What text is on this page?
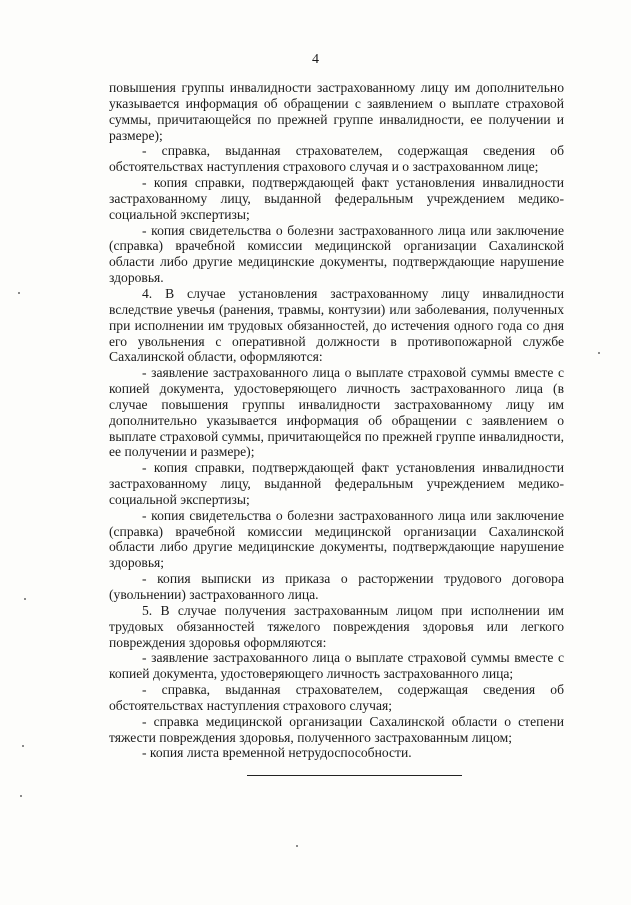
4

повышения группы инвалидности застрахованному лицу им дополнительно указывается информация об обращении с заявлением о выплате страховой суммы, причитающейся по прежней группе инвалидности, ее получении и размере);

- справка, выданная страхователем, содержащая сведения об обстоятельствах наступления страхового случая и о застрахованном лице;

- копия справки, подтверждающей факт установления инвалидности застрахованному лицу, выданной федеральным учреждением медико-социальной экспертизы;

- копия свидетельства о болезни застрахованного лица или заключение (справка) врачебной комиссии медицинской организации Сахалинской области либо другие медицинские документы, подтверждающие нарушение здоровья.

4. В случае установления застрахованному лицу инвалидности вследствие увечья (ранения, травмы, контузии) или заболевания, полученных при исполнении им трудовых обязанностей, до истечения одного года со дня его увольнения с оперативной должности в противопожарной службе Сахалинской области, оформляются:

- заявление застрахованного лица о выплате страховой суммы вместе с копией документа, удостоверяющего личность застрахованного лица (в случае повышения группы инвалидности застрахованному лицу им дополнительно указывается информация об обращении с заявлением о выплате страховой суммы, причитающейся по прежней группе инвалидности, ее получении и размере);

- копия справки, подтверждающей факт установления инвалидности застрахованному лицу, выданной федеральным учреждением медико-социальной экспертизы;

- копия свидетельства о болезни застрахованного лица или заключение (справка) врачебной комиссии медицинской организации Сахалинской области либо другие медицинские документы, подтверждающие нарушение здоровья;

- копия выписки из приказа о расторжении трудового договора (увольнении) застрахованного лица.

5. В случае получения застрахованным лицом при исполнении им трудовых обязанностей тяжелого повреждения здоровья или легкого повреждения здоровья оформляются:

- заявление застрахованного лица о выплате страховой суммы вместе с копией документа, удостоверяющего личность застрахованного лица;

- справка, выданная страхователем, содержащая сведения об обстоятельствах наступления страхового случая;

- справка медицинской организации Сахалинской области о степени тяжести повреждения здоровья, полученного застрахованным лицом;

- копия листа временной нетрудоспособности.
